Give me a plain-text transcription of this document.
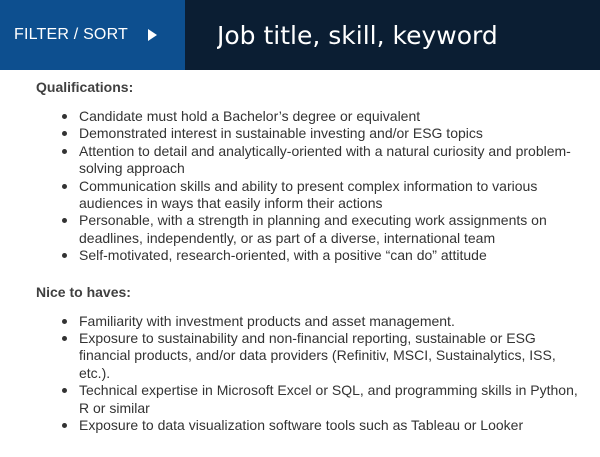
FILTER / SORT
Job title, skill, keyword
Qualifications:
Candidate must hold a Bachelor’s degree or equivalent
Demonstrated interest in sustainable investing and/or ESG topics
Attention to detail and analytically-oriented with a natural curiosity and problem-solving approach
Communication skills and ability to present complex information to various audiences in ways that easily inform their actions
Personable, with a strength in planning and executing work assignments on deadlines, independently, or as part of a diverse, international team
Self-motivated, research-oriented, with a positive “can do” attitude
Nice to haves:
Familiarity with investment products and asset management.
Exposure to sustainability and non-financial reporting, sustainable or ESG financial products, and/or data providers (Refinitiv, MSCI, Sustainalytics, ISS, etc.).
Technical expertise in Microsoft Excel or SQL, and programming skills in Python, R or similar
Exposure to data visualization software tools such as Tableau or Looker
